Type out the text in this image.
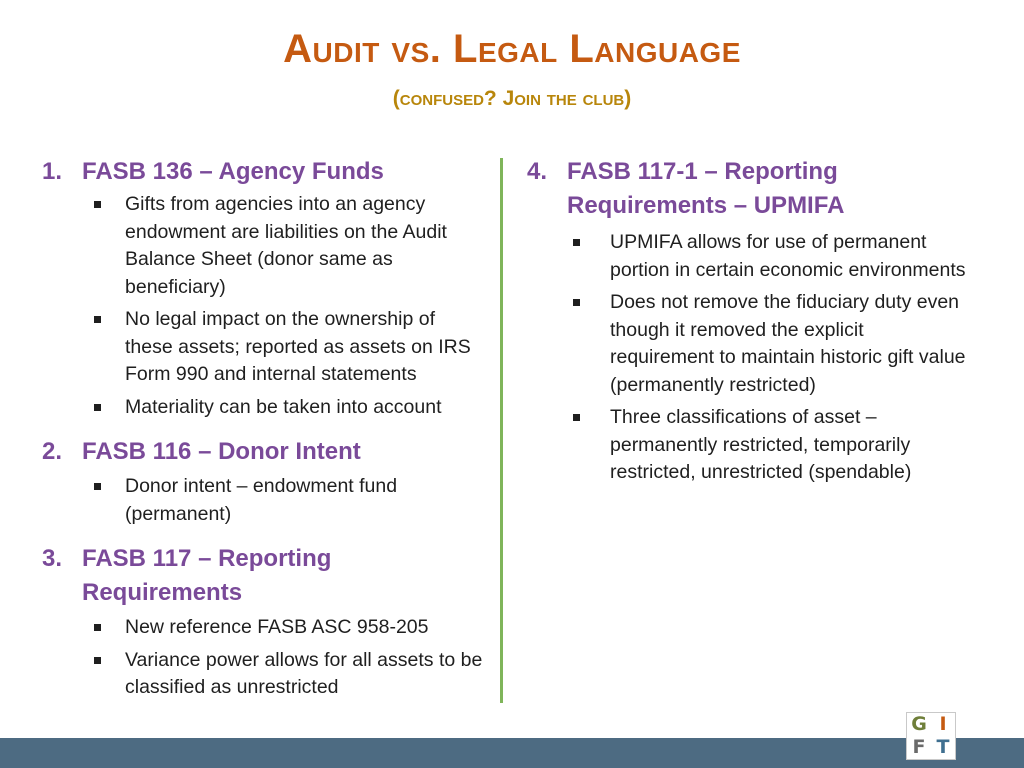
Audit vs. Legal Language
(confused? Join the club)
1. FASB 136 – Agency Funds
Gifts from agencies into an agency endowment are liabilities on the Audit Balance Sheet (donor same as beneficiary)
No legal impact on the ownership of these assets; reported as assets on IRS Form 990 and internal statements
Materiality can be taken into account
2. FASB 116 – Donor Intent
Donor intent – endowment fund (permanent)
3. FASB 117 – Reporting Requirements
New reference FASB ASC 958-205
Variance power allows for all assets to be classified as unrestricted
4. FASB 117-1 – Reporting Requirements – UPMIFA
UPMIFA allows for use of permanent portion in certain economic environments
Does not remove the fiduciary duty even though it removed the explicit requirement to maintain historic gift value (permanently restricted)
Three classifications of asset – permanently restricted, temporarily restricted, unrestricted (spendable)
G I
F T
